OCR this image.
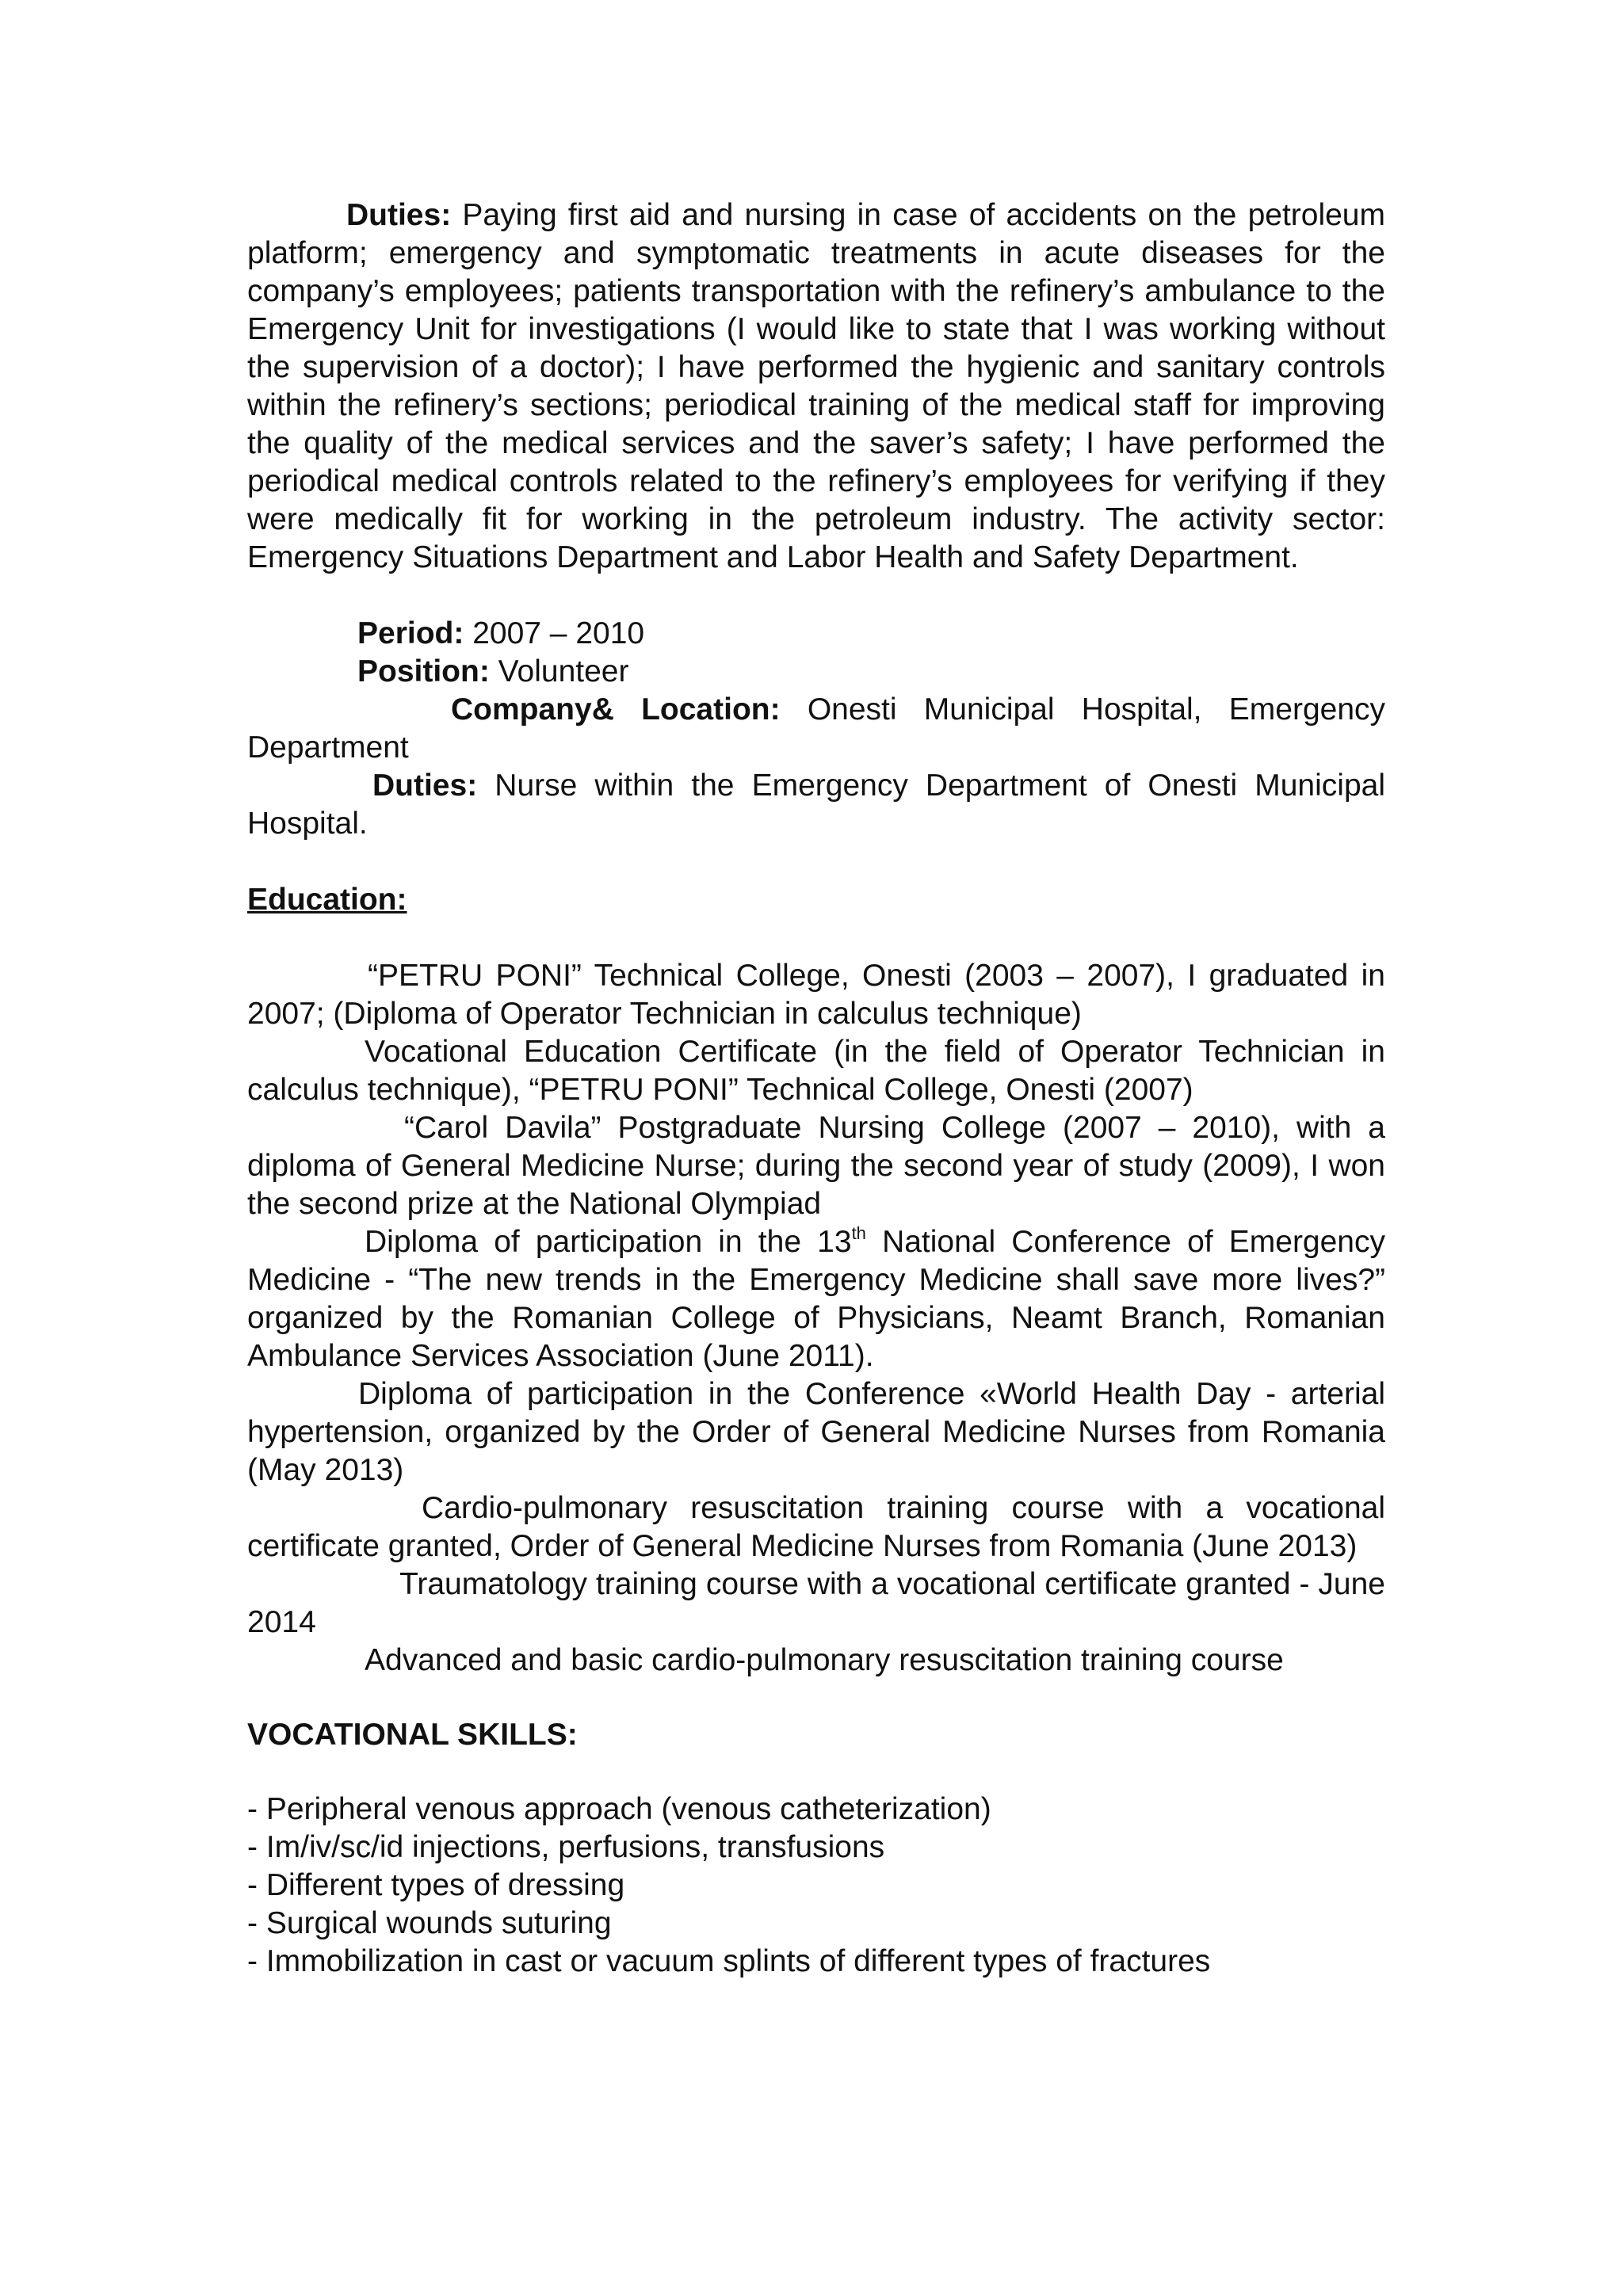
Duties: Paying first aid and nursing in case of accidents on the petroleum platform; emergency and symptomatic treatments in acute diseases for the company’s employees; patients transportation with the refinery’s ambulance to the Emergency Unit for investigations (I would like to state that I was working without the supervision of a doctor); I have performed the hygienic and sanitary controls within the refinery’s sections; periodical training of the medical staff for improving the quality of the medical services and the saver’s safety; I have performed the periodical medical controls related to the refinery’s employees for verifying if they were medically fit for working in the petroleum industry. The activity sector: Emergency Situations Department and Labor Health and Safety Department.

Period: 2007 – 2010

Position: Volunteer

Company& Location: Onesti Municipal Hospital, Emergency Department

Duties: Nurse within the Emergency Department of Onesti Municipal Hospital.

Education:

“PETRU PONI” Technical College, Onesti (2003 – 2007), I graduated in 2007; (Diploma of Operator Technician in calculus technique)

Vocational Education Certificate (in the field of Operator Technician in calculus technique), “PETRU PONI” Technical College, Onesti (2007)

“Carol Davila” Postgraduate Nursing College (2007 – 2010), with a diploma of General Medicine Nurse; during the second year of study (2009), I won the second prize at the National Olympiad

Diploma of participation in the 13th National Conference of Emergency Medicine - “The new trends in the Emergency Medicine shall save more lives?” organized by the Romanian College of Physicians, Neamt Branch, Romanian Ambulance Services Association (June 2011).

Diploma of participation in the Conference «World Health Day - arterial hypertension, organized by the Order of General Medicine Nurses from Romania (May 2013)

Cardio-pulmonary resuscitation training course with a vocational certificate granted, Order of General Medicine Nurses from Romania (June 2013)

Traumatology training course with a vocational certificate granted - June 2014

Advanced and basic cardio-pulmonary resuscitation training course

VOCATIONAL SKILLS:

- Peripheral venous approach (venous catheterization)
- Im/iv/sc/id injections, perfusions, transfusions
- Different types of dressing
- Surgical wounds suturing
- Immobilization in cast or vacuum splints of different types of fractures
